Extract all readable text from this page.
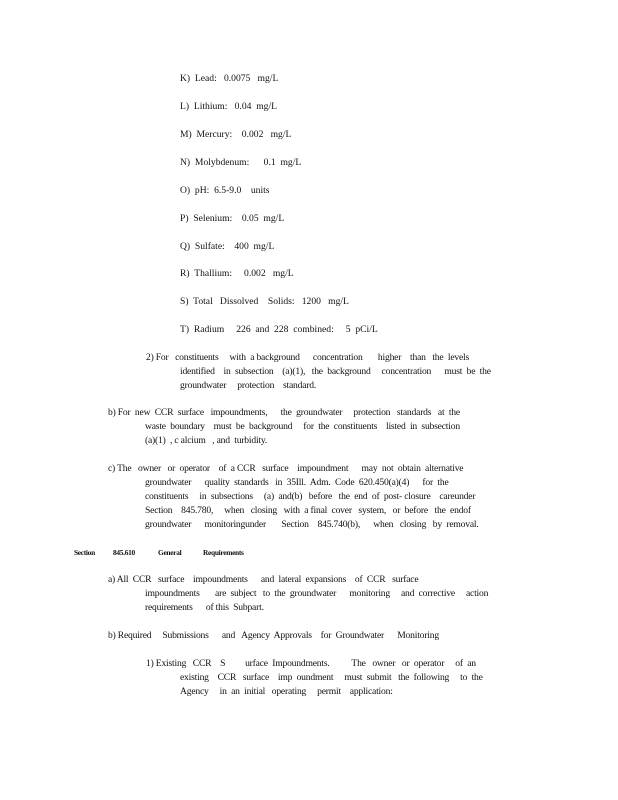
K)  Lead:   0.0075   mg/L
L)  Lithium:   0.04  mg/L
M)  Mercury:    0.002   mg/L
N)  Molybdenum:      0.1  mg/L
O)  pH:  6.5-9.0    units
P)  Selenium:    0.05  mg/L
Q)  Sulfate:    400  mg/L
R)  Thallium:     0.002   mg/L
S)  Total   Dissolved    Solids:   1200   mg/L
T)  Radium     226  and  228  combined:     5  pCi/L
2) For   constituents     with  a background      concentration       higher    than   the  levels
identified    in  subsection    (a)(1),   the  background     concentration      must  be  the
groundwater     protection    standard.
b) For  new  CCR  surface   impoundments,      the  groundwater     protection   standards   at  the
waste  boundary    must  be  background     for  the  constituents    listed  in  subsection
(a)(1)  , c alcium   , and  turbidity.
c) The   owner   or  operator    of  a CCR   surface    impoundment      may  not  obtain  alternative
groundwater      quality  standards   in  35Ill.  Adm.  Code  620.450(a)(4)      for  the
constituents     in  subsections     (a)  and(b)   before   the  end  of  post- closure    careunder
Section    845.780,     when   closing   with  a final  cover   system,   or  before   the  endof
groundwater      monitoringunder       Section    845.740(b),      when   closing   by  removal.
Section 845.610	General	Requirements
a) All  CCR   surface    impoundments      and  lateral  expansions    of  CCR   surface
impoundments       are  subject   to  the  groundwater      monitoring     and  corrective     action
requirements      of this  Subpart.
b) Required     Submissions      and   Agency  Approvals    for  Groundwater      Monitoring
1) Existing   CCR    S         urface  Impoundments.          The   owner   or  operator     of  an
existing    CCR   surface    imp  oundment     must  submit   the  following     to  the
Agency     in  an  initial   operating     permit    application:
